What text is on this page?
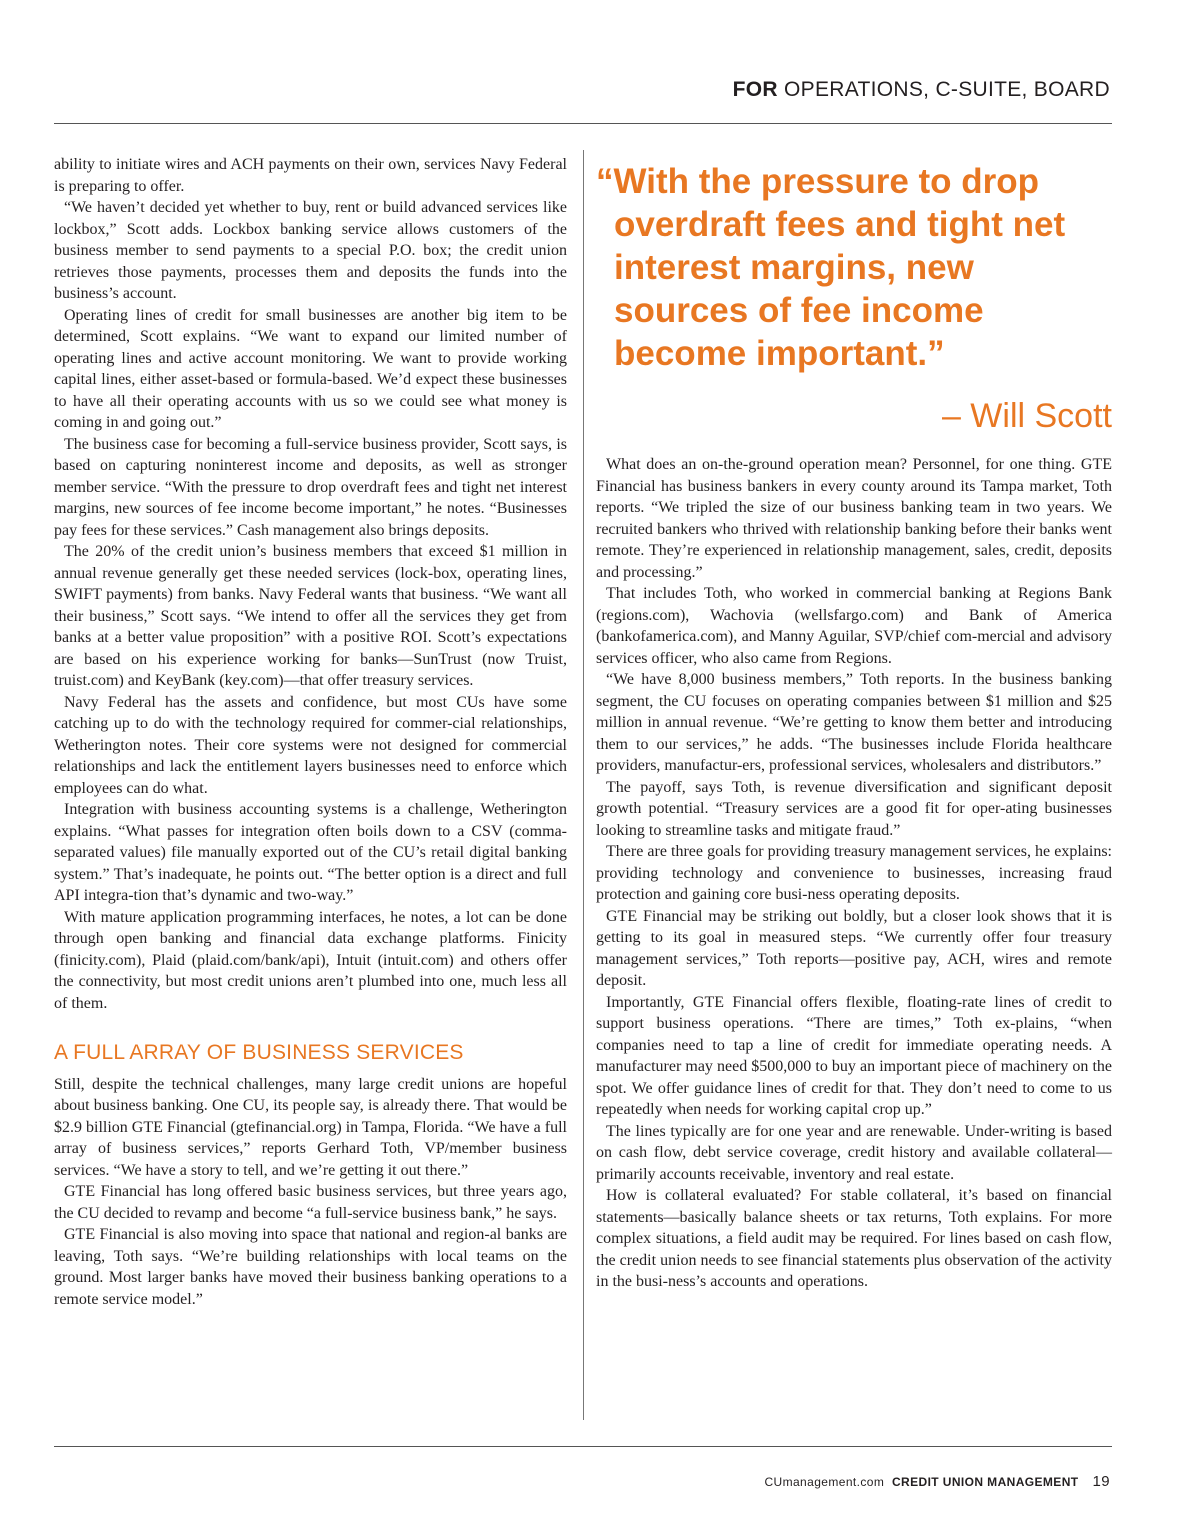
FOR OPERATIONS, C-SUITE, BOARD

ability to initiate wires and ACH payments on their own, services Navy Federal is preparing to offer.

“We haven’t decided yet whether to buy, rent or build advanced services like lockbox,” Scott adds. Lockbox banking service allows customers of the business member to send payments to a special P.O. box; the credit union retrieves those payments, processes them and deposits the funds into the business’s account.

Operating lines of credit for small businesses are another big item to be determined, Scott explains. “We want to expand our limited number of operating lines and active account monitoring. We want to provide working capital lines, either asset-based or formula-based. We’d expect these businesses to have all their operating accounts with us so we could see what money is coming in and going out.”

The business case for becoming a full-service business provider, Scott says, is based on capturing noninterest income and deposits, as well as stronger member service. “With the pressure to drop overdraft fees and tight net interest margins, new sources of fee income become important,” he notes. “Businesses pay fees for these services.” Cash management also brings deposits.

The 20% of the credit union’s business members that exceed $1 million in annual revenue generally get these needed services (lock-box, operating lines, SWIFT payments) from banks. Navy Federal wants that business. “We want all their business,” Scott says. “We intend to offer all the services they get from banks at a better value proposition” with a positive ROI. Scott’s expectations are based on his experience working for banks—SunTrust (now Truist, truist.com) and KeyBank (key.com)—that offer treasury services.

Navy Federal has the assets and confidence, but most CUs have some catching up to do with the technology required for commer-cial relationships, Wetherington notes. Their core systems were not designed for commercial relationships and lack the entitlement layers businesses need to enforce which employees can do what.

Integration with business accounting systems is a challenge, Wetherington explains. “What passes for integration often boils down to a CSV (comma-separated values) file manually exported out of the CU’s retail digital banking system.” That’s inadequate, he points out. “The better option is a direct and full API integra-tion that’s dynamic and two-way.”

With mature application programming interfaces, he notes, a lot can be done through open banking and financial data exchange platforms. Finicity (finicity.com), Plaid (plaid.com/bank/api), Intuit (intuit.com) and others offer the connectivity, but most credit unions aren’t plumbed into one, much less all of them.

A FULL ARRAY OF BUSINESS SERVICES

Still, despite the technical challenges, many large credit unions are hopeful about business banking. One CU, its people say, is already there. That would be $2.9 billion GTE Financial (gtefinancial.org) in Tampa, Florida. “We have a full array of business services,” reports Gerhard Toth, VP/member business services. “We have a story to tell, and we’re getting it out there.”

GTE Financial has long offered basic business services, but three years ago, the CU decided to revamp and become “a full-service business bank,” he says.

GTE Financial is also moving into space that national and region-al banks are leaving, Toth says. “We’re building relationships with local teams on the ground. Most larger banks have moved their business banking operations to a remote service model.”

“With the pressure to drop overdraft fees and tight net interest margins, new sources of fee income become important.”
– Will Scott

What does an on-the-ground operation mean? Personnel, for one thing. GTE Financial has business bankers in every county around its Tampa market, Toth reports. “We tripled the size of our business banking team in two years. We recruited bankers who thrived with relationship banking before their banks went remote. They’re experienced in relationship management, sales, credit, deposits and processing.”

That includes Toth, who worked in commercial banking at Regions Bank (regions.com), Wachovia (wellsfargo.com) and Bank of America (bankofamerica.com), and Manny Aguilar, SVP/chief com-mercial and advisory services officer, who also came from Regions.

“We have 8,000 business members,” Toth reports. In the business banking segment, the CU focuses on operating companies between $1 million and $25 million in annual revenue. “We’re getting to know them better and introducing them to our services,” he adds. “The businesses include Florida healthcare providers, manufactur-ers, professional services, wholesalers and distributors.”

The payoff, says Toth, is revenue diversification and significant deposit growth potential. “Treasury services are a good fit for oper-ating businesses looking to streamline tasks and mitigate fraud.”

There are three goals for providing treasury management services, he explains: providing technology and convenience to businesses, increasing fraud protection and gaining core busi-ness operating deposits.

GTE Financial may be striking out boldly, but a closer look shows that it is getting to its goal in measured steps. “We currently offer four treasury management services,” Toth reports—positive pay, ACH, wires and remote deposit.

Importantly, GTE Financial offers flexible, floating-rate lines of credit to support business operations. “There are times,” Toth ex-plains, “when companies need to tap a line of credit for immediate operating needs. A manufacturer may need $500,000 to buy an important piece of machinery on the spot. We offer guidance lines of credit for that. They don’t need to come to us repeatedly when needs for working capital crop up.”

The lines typically are for one year and are renewable. Under-writing is based on cash flow, debt service coverage, credit history and available collateral—primarily accounts receivable, inventory and real estate.

How is collateral evaluated? For stable collateral, it’s based on financial statements—basically balance sheets or tax returns, Toth explains. For more complex situations, a field audit may be required. For lines based on cash flow, the credit union needs to see financial statements plus observation of the activity in the busi-ness’s accounts and operations.

CUmanagement.com CREDIT UNION MANAGEMENT 19
